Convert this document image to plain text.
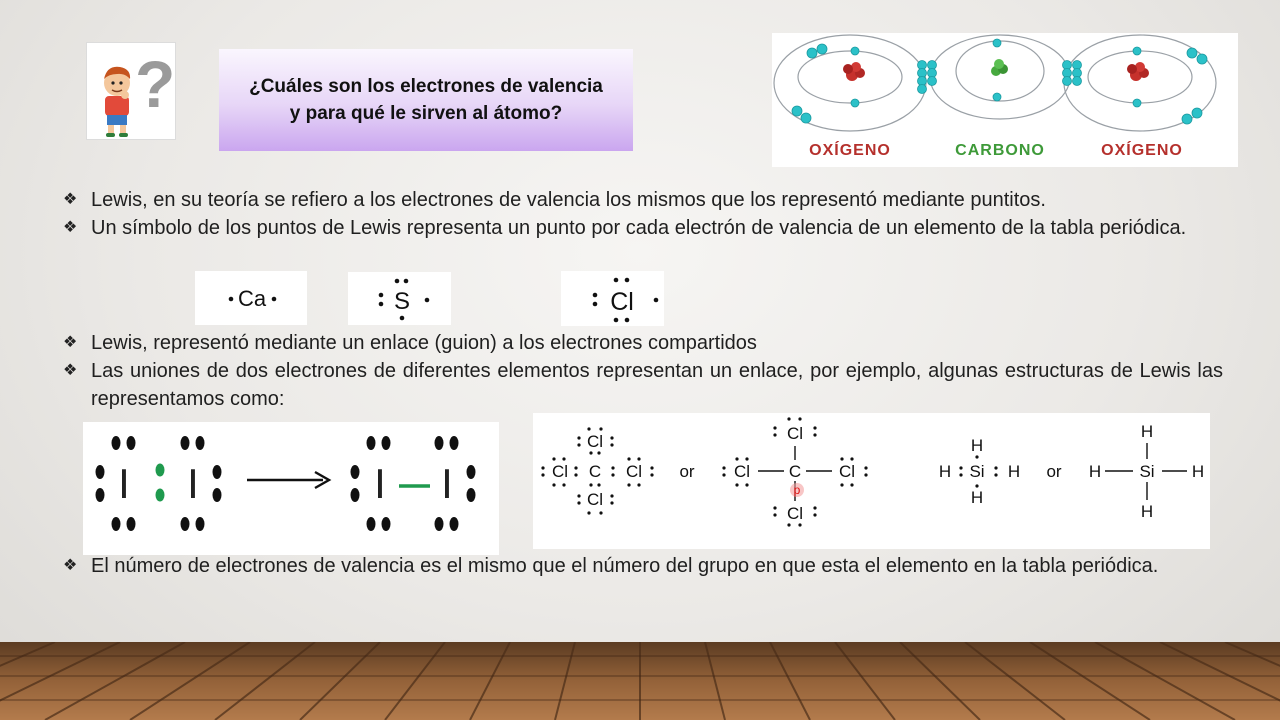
?	¿Cuáles son los electrones de valencia
y para qué le sirven al átomo?
OXÍGENO	CARBONO	OXÍGENO
❖ Lewis, en su teoría se refiero a los electrones de valencia los mismos que los representó mediante puntitos.
❖ Un símbolo de los puntos de Lewis representa un punto por cada electrón de valencia de un elemento de la tabla periódica.
Ca	S	Cl
❖ Lewis, representó mediante un enlace (guion) a los electrones compartidos
❖ Las uniones de dos electrones de diferentes elementos representan un enlace, por ejemplo, algunas estructuras de Lewis las representamos como:
I I	I I
Cl
Cl C Cl
Cl
or
Cl
Cl C Cl
Cl
p
H
H Si H
H
or
H
H Si H
H
❖ El número de electrones de valencia es el mismo que el número del grupo en que esta el elemento en la tabla periódica.
